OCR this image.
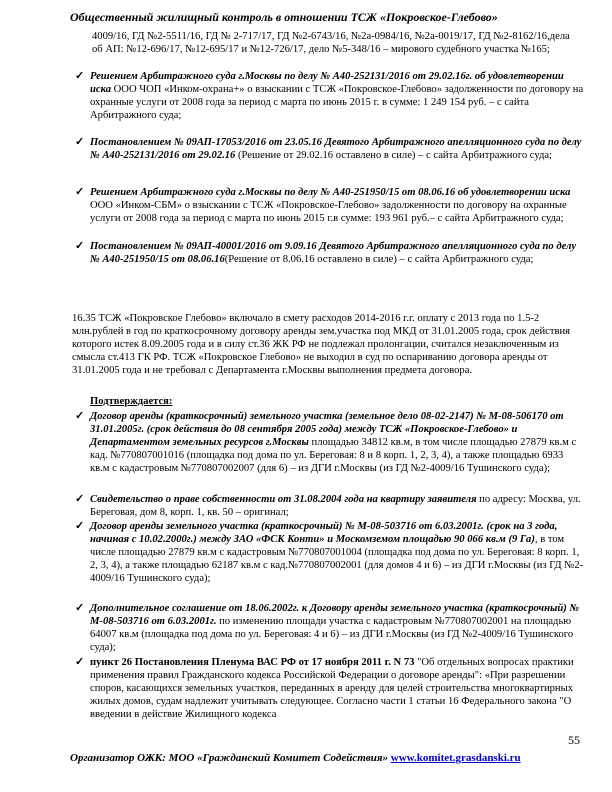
Общественный жилищный контроль в отношении ТСЖ «Покровское-Глебово»
4009/16, ГД №2-5511/16, ГД № 2-717/17, ГД №2-6743/16, №2а-0984/16, №2а-0019/17, ГД №2-8162/16,дела об АП: №12-696/17, №12-695/17 и №12-726/17, дело №5-348/16 – мирового судебного участка №165;
✓ Решением Арбитражного суда г.Москвы по делу № А40-252131/2016 от 29.02.16г. об удовлетворении иска ООО ЧОП «Инком-охрана+» о взыскании с ТСЖ «Покровское-Глебово» задолженности по договору на охранные услуги от 2008 года за период с марта по июнь 2015 г. в сумме: 1 249 154 руб. – с сайта Арбитражного суда;
✓ Постановлением № 09АП-17053/2016 от 23.05.16 Девятого Арбитражного апелляционного суда по делу № А40-252131/2016 от 29.02.16 (Решение от 29.02.16 оставлено в силе) – с сайта Арбитражного суда;
✓ Решением Арбитражного суда г.Москвы по делу № А40-251950/15 от 08.06.16 об удовлетворении иска ООО «Инком-СБМ» о взыскании с ТСЖ «Покровское-Глебово» задолженности по договору на охранные услуги от 2008 года за период с марта по июнь 2015 г.в сумме: 193 961 руб.– с сайта Арбитражного суда;
✓ Постановлением № 09АП-40001/2016 от 9.09.16 Девятого Арбитражного апелляционного суда по делу № А40-251950/15 от 08.06.16(Решение от 8.06.16 оставлено в силе) – с сайта Арбитражного суда;
16.35 ТСЖ «Покровское Глебово» включало в смету расходов 2014-2016 г.г. оплату с 2013 года по 1.5-2 млн.рублей в год по краткосрочному договору аренды зем.участка под МКД от 31.01.2005 года, срок действия которого истек 8.09.2005 года и в силу ст.36 ЖК РФ не подлежал пролонгации, считался незаключенным из смысла ст.413 ГК РФ. ТСЖ «Покровское Глебово» не выходил в суд по оспариванию договора аренды от 31.01.2005 года и не требовал с Департамента г.Москвы выполнения предмета договора.
Подтверждается:
✓ Договор аренды (краткосрочный) земельного участка (земельное дело 08-02-2147) № М-08-506170 от 31.01.2005г. (срок действия до 08 сентября 2005 года) между ТСЖ «Покровское-Глебово» и Департаментом земельных ресурсов г.Москвы площадью 34812 кв.м, в том числе площадью 27879 кв.м с кад. №770807001016 (площадка под дома по ул. Береговая: 8 и 8 корп. 1, 2, 3, 4), а также площадью 6933 кв.м с кадастровым №770807002007 (для 6) – из ДГИ г.Москвы (из ГД №2-4009/16 Тушинского суда);
✓ Свидетельство о праве собственности от 31.08.2004 года на квартиру заявителя по адресу: Москва, ул. Береговая, дом 8, корп. 1, кв. 50 – оригинал;
✓ Договор аренды земельного участка (краткосрочный) № М-08-503716 от 6.03.2001г. (срок на 3 года, начиная с 10.02.2000г.) между ЗАО «ФСК Конти» и Москомземом площадью 90 066 кв.м (9 Га), в том числе площадью 27879 кв.м с кадастровым №770807001004 (площадка под дома по ул. Береговая: 8 корп. 1, 2, 3, 4), а также площадью 62187 кв.м с кад.№770807002001 (для домов 4 и 6) – из ДГИ г.Москвы (из ГД №2-4009/16 Тушинского суда);
✓ Дополнительное соглашение от 18.06.2002г. к Договору аренды земельного участка (краткосрочный) № М-08-503716 от 6.03.2001г. по изменению площади участка с кадастровым №770807002001 на площадью 64007 кв.м (площадка под дома по ул. Береговая: 4 и 6) – из ДГИ г.Москвы (из ГД №2-4009/16 Тушинского суда);
✓ пункт 26 Постановления Пленума ВАС РФ от 17 ноября 2011 г. N 73 "Об отдельных вопросах практики применения правил Гражданского кодекса Российской Федерации о договоре аренды": «При разрешении споров, касающихся земельных участков, переданных в аренду для целей строительства многоквартирных жилых домов, судам надлежит учитывать следующее. Согласно части 1 статьи 16 Федерального закона "О введении в действие Жилищного кодекса
55
Организатор ОЖК: МОО «Гражданский Комитет Содействия» www.komitet.grasdanski.ru
